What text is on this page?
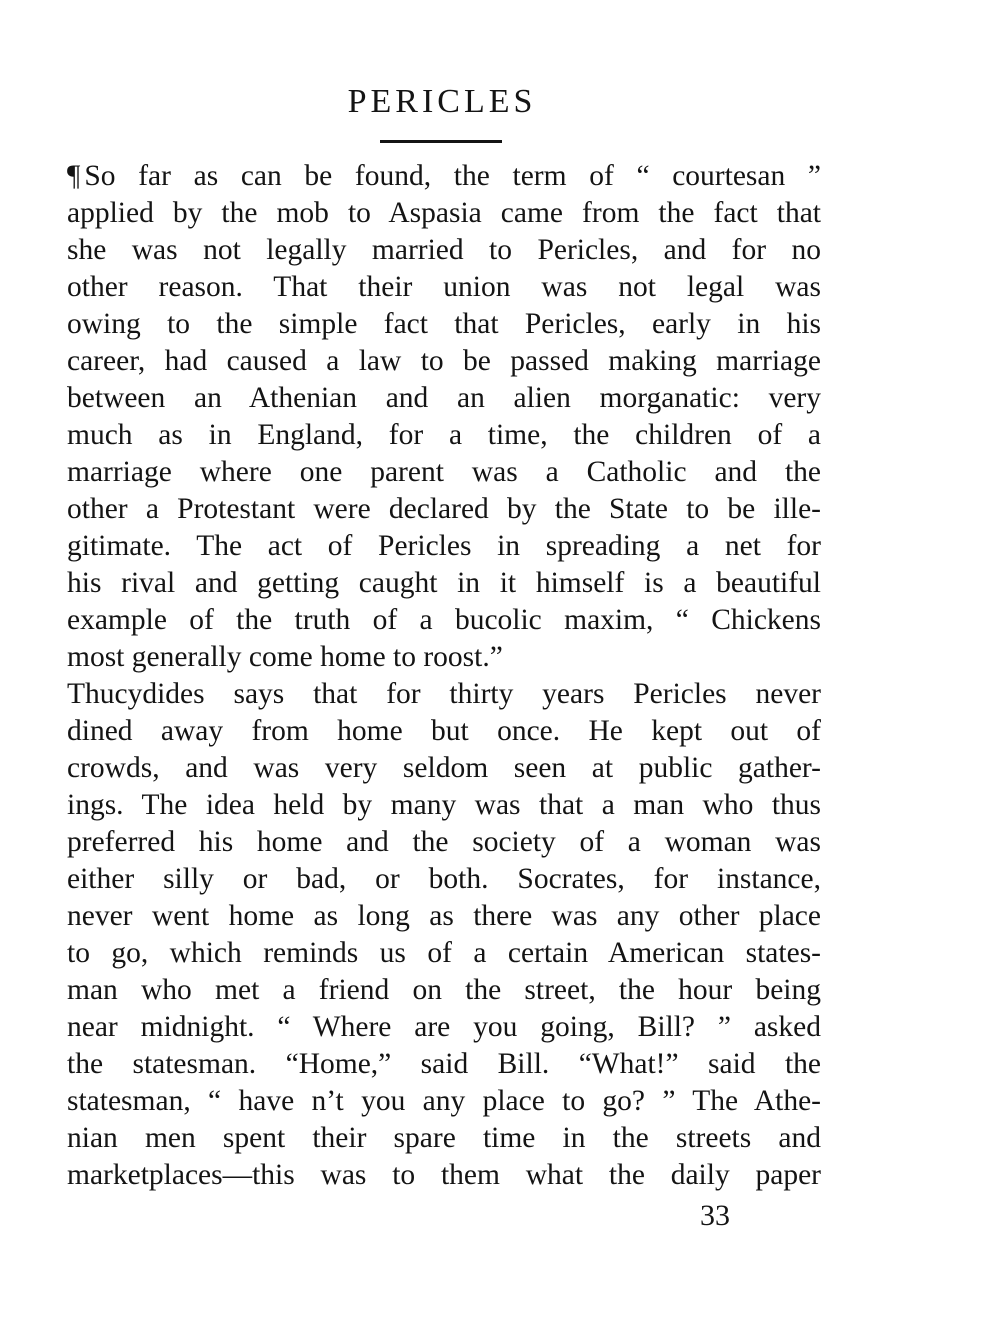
PERICLES
¶ So far as can be found, the term of “ courtesan ”
applied by the mob to Aspasia came from the fact that
she was not legally married to Pericles, and for no
other reason. That their union was not legal was
owing to the simple fact that Pericles, early in his
career, had caused a law to be passed making marriage
between an Athenian and an alien morganatic: very
much as in England, for a time, the children of a
marriage where one parent was a Catholic and the
other a Protestant were declared by the State to be ille-
gitimate. The act of Pericles in spreading a net for
his rival and getting caught in it himself is a beautiful
example of the truth of a bucolic maxim, “ Chickens
most generally come home to roost.”
Thucydides says that for thirty years Pericles never
dined away from home but once. He kept out of
crowds, and was very seldom seen at public gather-
ings. The idea held by many was that a man who thus
preferred his home and the society of a woman was
either silly or bad, or both. Socrates, for instance,
never went home as long as there was any other place
to go, which reminds us of a certain American states-
man who met a friend on the street, the hour being
near midnight. “ Where are you going, Bill? ” asked
the statesman. “Home,” said Bill. “What!” said the
statesman, “ have n’t you any place to go? ” The Athe-
nian men spent their spare time in the streets and
marketplaces—this was to them what the daily paper
33
